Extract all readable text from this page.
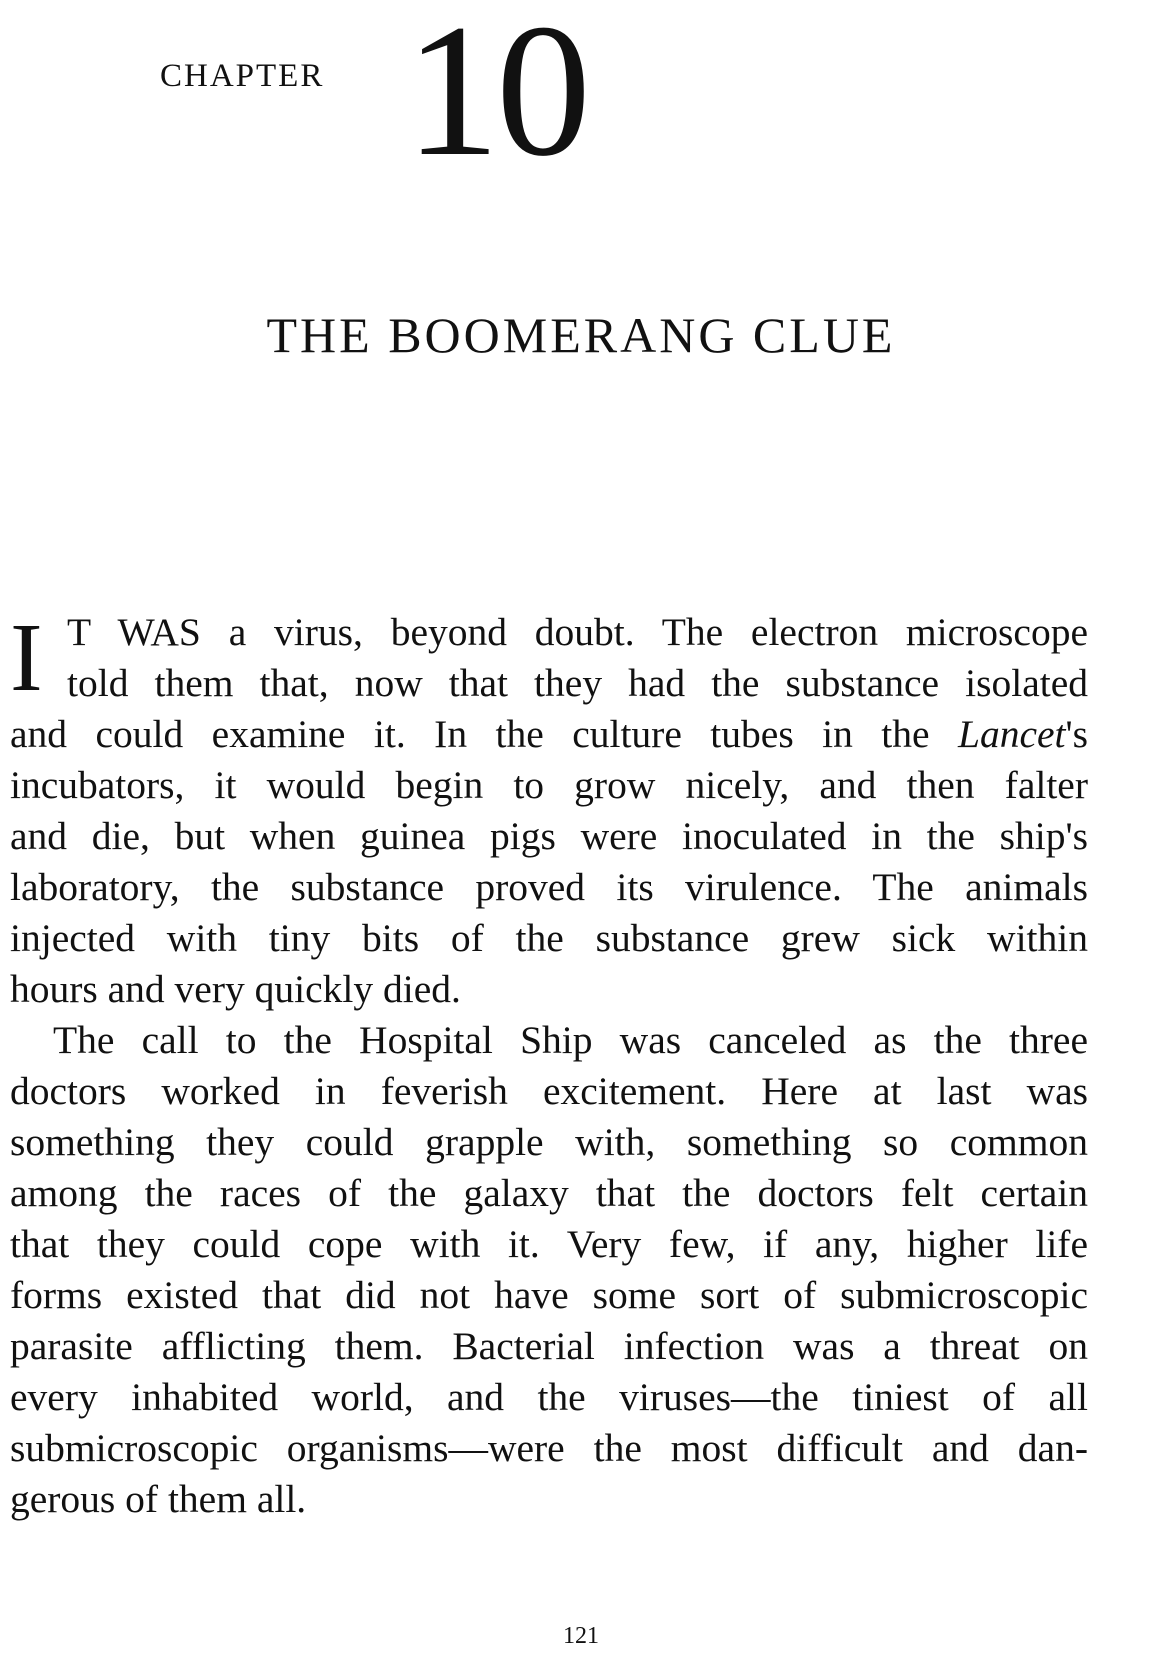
CHAPTER 10
THE BOOMERANG CLUE
I T WAS a virus, beyond doubt. The electron microscope
told them that, now that they had the substance isolated
and could examine it. In the culture tubes in the Lancet's
incubators, it would begin to grow nicely, and then falter
and die, but when guinea pigs were inoculated in the ship's
laboratory, the substance proved its virulence. The animals
injected with tiny bits of the substance grew sick within
hours and very quickly died.
The call to the Hospital Ship was canceled as the three
doctors worked in feverish excitement. Here at last was
something they could grapple with, something so common
among the races of the galaxy that the doctors felt certain
that they could cope with it. Very few, if any, higher life
forms existed that did not have some sort of submicroscopic
parasite afflicting them. Bacterial infection was a threat on
every inhabited world, and the viruses—the tiniest of all
submicroscopic organisms—were the most difficult and dan-
gerous of them all.
121
